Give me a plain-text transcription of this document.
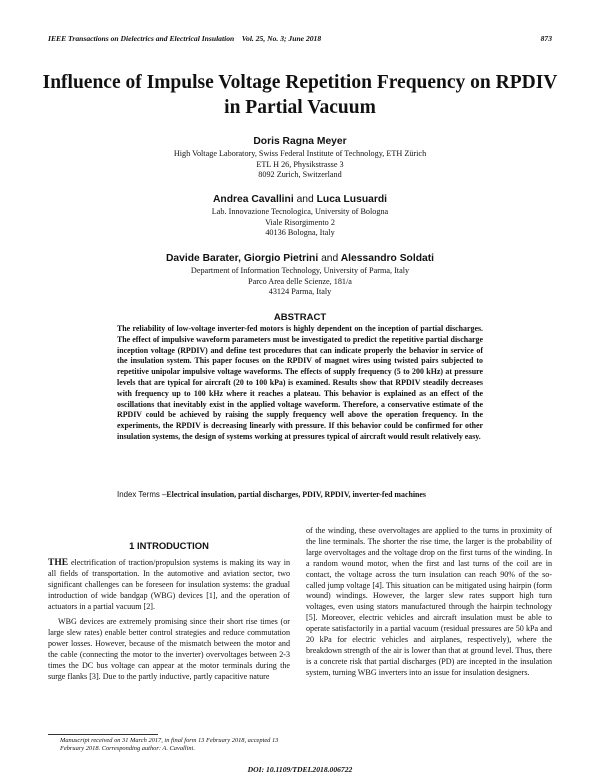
IEEE Transactions on Dielectrics and Electrical Insulation    Vol. 25, No. 3; June 2018	873
Influence of Impulse Voltage Repetition Frequency on RPDIV in Partial Vacuum
Doris Ragna Meyer
High Voltage Laboratory, Swiss Federal Institute of Technology, ETH Zürich
ETL H 26, Physikstrasse 3
8092 Zurich, Switzerland
Andrea Cavallini and Luca Lusuardi
Lab. Innovazione Tecnologica, University of Bologna
Viale Risorgimento 2
40136 Bologna, Italy
Davide Barater, Giorgio Pietrini and Alessandro Soldati
Department of Information Technology, University of Parma, Italy
Parco Area delle Scienze, 181/a
43124 Parma, Italy
ABSTRACT
The reliability of low-voltage inverter-fed motors is highly dependent on the inception of partial discharges. The effect of impulsive waveform parameters must be investigated to predict the repetitive partial discharge inception voltage (RPDIV) and define test procedures that can indicate properly the behavior in service of the insulation system. This paper focuses on the RPDIV of magnet wires using twisted pairs subjected to repetitive unipolar impulsive voltage waveforms. The effects of supply frequency (5 to 200 kHz) at pressure levels that are typical for aircraft (20 to 100 kPa) is examined. Results show that RPDIV steadily decreases with frequency up to 100 kHz where it reaches a plateau. This behavior is explained as an effect of the oscillations that inevitably exist in the applied voltage waveform. Therefore, a conservative estimate of the RPDIV could be achieved by raising the supply frequency well above the operation frequency. In the experiments, the RPDIV is decreasing linearly with pressure. If this behavior could be confirmed for other insulation systems, the design of systems working at pressures typical of aircraft would result relatively easy.
Index Terms –Electrical insulation, partial discharges, PDIV, RPDIV, inverter-fed machines
1 INTRODUCTION

THE electrification of traction/propulsion systems is making its way in all fields of transportation. In the automotive and aviation sector, two significant challenges can be foreseen for insulation systems: the gradual introduction of wide bandgap (WBG) devices [1], and the operation of actuators in a partial vacuum [2].

WBG devices are extremely promising since their short rise times (or large slew rates) enable better control strategies and reduce commutation power losses. However, because of the mismatch between the motor and the cable (connecting the motor to the inverter) overvoltages between 2-3 times the DC bus voltage can appear at the motor terminals during the surge flanks [3]. Due to the partly inductive, partly capacitive nature

of the winding, these overvoltages are applied to the turns in proximity of the line terminals. The shorter the rise time, the larger is the probability of large overvoltages and the voltage drop on the first turns of the winding. In a random wound motor, when the first and last turns of the coil are in contact, the voltage across the turn insulation can reach 90% of the so-called jump voltage [4]. This situation can be mitigated using hairpin (form wound) windings. However, the larger slew rates support high turn voltages, even using stators manufactured through the hairpin technology [5]. Moreover, electric vehicles and aircraft insulation must be able to operate satisfactorily in a partial vacuum (residual pressures are 50 kPa and 20 kPa for electric vehicles and airplanes, respectively), where the breakdown strength of the air is lower than that at ground level. Thus, there is a concrete risk that partial discharges (PD) are incepted in the insulation system, turning WBG inverters into an issue for insulation designers.

Manuscript received on 31 March 2017, in final form 13 February 2018, accepted 13 February 2018. Corresponding author: A. Cavallini.
DOI: 10.1109/TDEI.2018.006722
